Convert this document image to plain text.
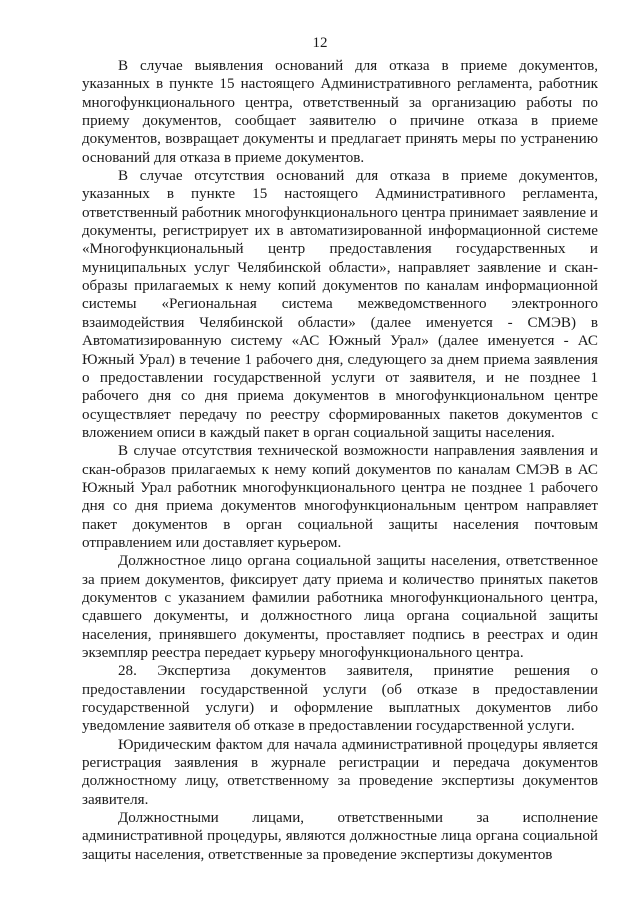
12

В случае выявления оснований для отказа в приеме документов, указанных в пункте 15 настоящего Административного регламента, работник многофункционального центра, ответственный за организацию работы по приему документов, сообщает заявителю о причине отказа в приеме документов, возвращает документы и предлагает принять меры по устранению оснований для отказа в приеме документов.

В случае отсутствия оснований для отказа в приеме документов, указанных в пункте 15 настоящего Административного регламента, ответственный работник многофункционального центра принимает заявление и документы, регистрирует их в автоматизированной информационной системе «Многофункциональный центр предоставления государственных и муниципальных услуг Челябинской области», направляет заявление и скан-образы прилагаемых к нему копий документов по каналам информационной системы «Региональная система межведомственного электронного взаимодействия Челябинской области» (далее именуется - СМЭВ) в Автоматизированную систему «АС Южный Урал» (далее именуется - АС Южный Урал) в течение 1 рабочего дня, следующего за днем приема заявления о предоставлении государственной услуги от заявителя, и не позднее 1 рабочего дня со дня приема документов в многофункциональном центре осуществляет передачу по реестру сформированных пакетов документов с вложением описи в каждый пакет в орган социальной защиты населения.

В случае отсутствия технической возможности направления заявления и скан-образов прилагаемых к нему копий документов по каналам СМЭВ в АС Южный Урал работник многофункционального центра не позднее 1 рабочего дня со дня приема документов многофункциональным центром направляет пакет документов в орган социальной защиты населения почтовым отправлением или доставляет курьером.

Должностное лицо органа социальной защиты населения, ответственное за прием документов, фиксирует дату приема и количество принятых пакетов документов с указанием фамилии работника многофункционального центра, сдавшего документы, и должностного лица органа социальной защиты населения, принявшего документы, проставляет подпись в реестрах и один экземпляр реестра передает курьеру многофункционального центра.

28. Экспертиза документов заявителя, принятие решения о предоставлении государственной услуги (об отказе в предоставлении государственной услуги) и оформление выплатных документов либо уведомление заявителя об отказе в предоставлении государственной услуги.

Юридическим фактом для начала административной процедуры является регистрация заявления в журнале регистрации и передача документов должностному лицу, ответственному за проведение экспертизы документов заявителя.

Должностными лицами, ответственными за исполнение административной процедуры, являются должностные лица органа социальной защиты населения, ответственные за проведение экспертизы документов
